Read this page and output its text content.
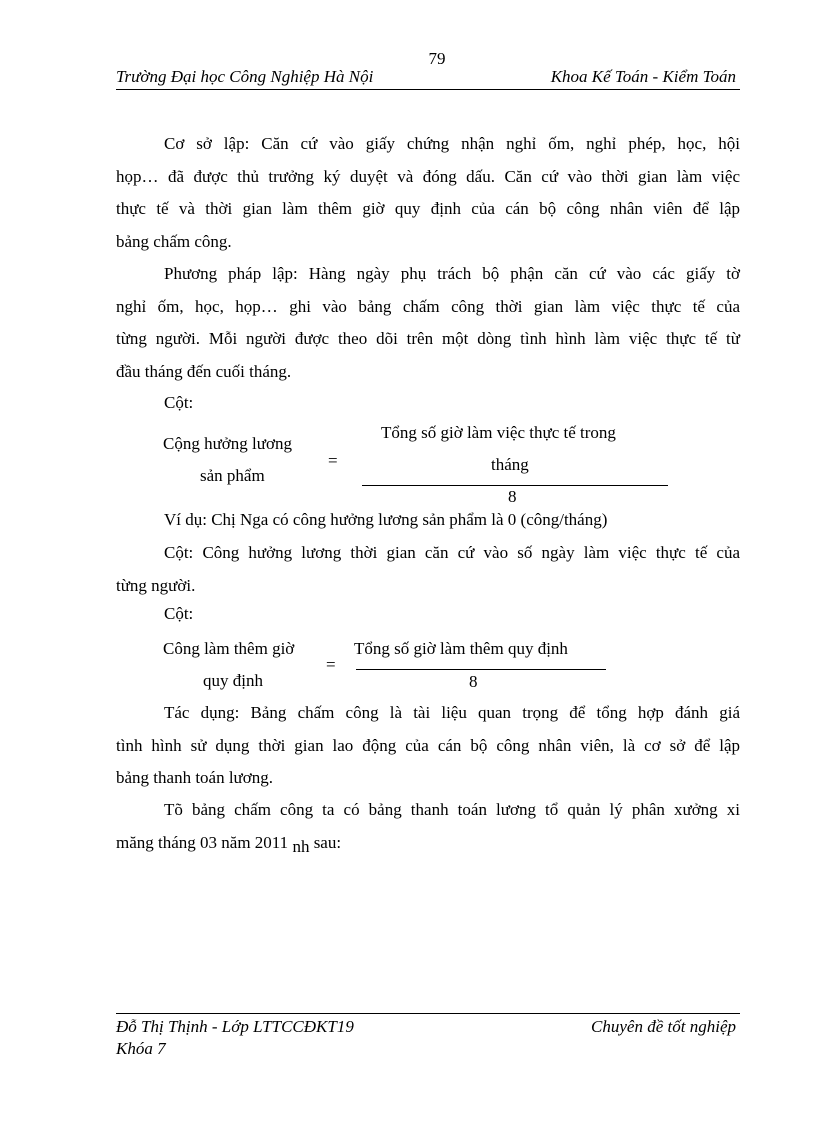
79
Trường Đại học Công Nghiệp Hà Nội	Khoa Kế Toán - Kiểm Toán
Cơ sở lập: Căn cứ vào giấy chứng nhận nghỉ ốm, nghỉ phép, học, hội
họp… đã được thủ trưởng ký duyệt và đóng dấu. Căn cứ vào thời gian làm việc
thực tế và thời gian làm thêm giờ quy định của cán bộ công nhân viên để lập
bảng chấm công.
Phương pháp lập: Hàng ngày phụ trách bộ phận căn cứ vào các giấy tờ
nghỉ ốm, học, họp… ghi vào bảng chấm công thời gian làm việc thực tế của
từng người. Mỗi người được theo dõi trên một dòng tình hình làm việc thực tế từ
đầu tháng đến cuối tháng.
Cột:
Cộng hưởng lương
sản phẩm
=
Tổng số giờ làm việc thực tế trong
tháng
8
Ví dụ: Chị Nga có công hưởng lương sản phẩm là 0 (công/tháng)
Cột: Công hưởng lương thời gian căn cứ vào số ngày làm việc thực tế của
từng người.
Cột:
Công làm thêm giờ
quy định
=
Tổng số giờ làm thêm quy định
8
Tác dụng: Bảng chấm công là tài liệu quan trọng để tổng hợp đánh giá
tình hình sử dụng thời gian lao động của cán bộ công nhân viên, là cơ sở để lập
bảng thanh toán lương.
Tõ bảng chấm công ta có bảng thanh toán lương tổ quản lý phân xưởng xi
măng tháng 03 năm 2011 nh sau:
Đỗ Thị Thịnh - Lớp LTTCCĐKT19	Chuyên đề tốt nghiệp
Khóa 7
